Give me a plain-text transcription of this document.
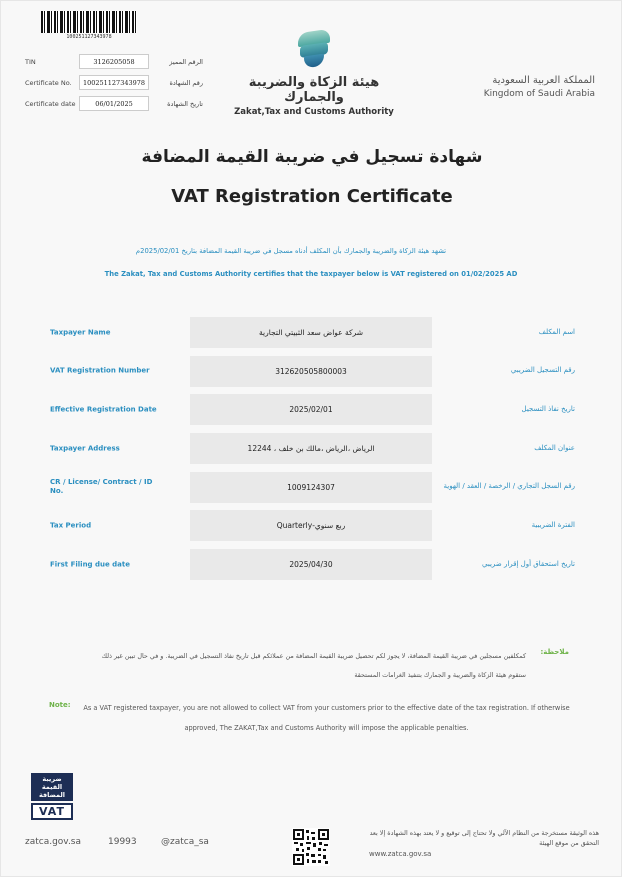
100251127343978
TIN	3126205058	الرقم المميز
Certificate No.	100251127343978	رقم الشهادة
Certificate date	06/01/2025	تاريخ الشهادة
هيئة الزكاة والضريبة والجمارك
Zakat,Tax and Customs Authority
المملكة العربية السعودية
Kingdom of Saudi Arabia
شهادة تسجيل في ضريبة القيمة المضافة
VAT Registration Certificate
تشهد هيئة الزكاة والضريبة والجمارك بأن المكلف أدناه مسجل في ضريبة القيمة المضافة بتاريخ 2025/02/01م
The Zakat, Tax and Customs Authority certifies that the taxpayer below is VAT registered on 01/02/2025 AD
Taxpayer Name	شركة عواض سعد الثبيتي التجارية	اسم المكلف
VAT Registration Number	312620505800003	رقم التسجيل الضريبي
Effective Registration Date	2025/02/01	تاريخ نفاذ التسجيل
Taxpayer Address	الرياض ،الرياض ،مالك بن خلف ، 12244	عنوان المكلف
CR / License/ Contract / ID No.	1009124307	رقم السجل التجاري / الرخصة / العقد / الهوية
Tax Period	ربع سنوي-Quarterly	الفترة الضريبية
First Filing due date	2025/04/30	تاريخ استحقاق أول إقرار ضريبي
ملاحظة:
كمكلفين مسجلين في ضريبة القيمة المضافة، لا يجوز لكم تحصيل ضريبة القيمة المضافة من عملائكم قبل تاريخ نفاذ التسجيل في الضريبة. و في حال تبين غير ذلك ستقوم هيئة الزكاة والضريبة و الجمارك بتنفيذ الغرامات المستحقة
Note:	As a VAT registered taxpayer, you are not allowed to collect VAT from your customers prior to the effective date of the tax registration. If otherwise approved, The ZAKAT,Tax and Customs Authority will impose the applicable penalties.
ضريبة
القيمة
المضافة
VAT
zatca.gov.sa	19993	@zatca_sa
هذه الوثيقة مستخرجة من النظام الآلي ولا تحتاج إلى توقيع و لا يعتد بهذه الشهادة إلا بعد التحقق من موقع الهيئة
www.zatca.gov.sa
